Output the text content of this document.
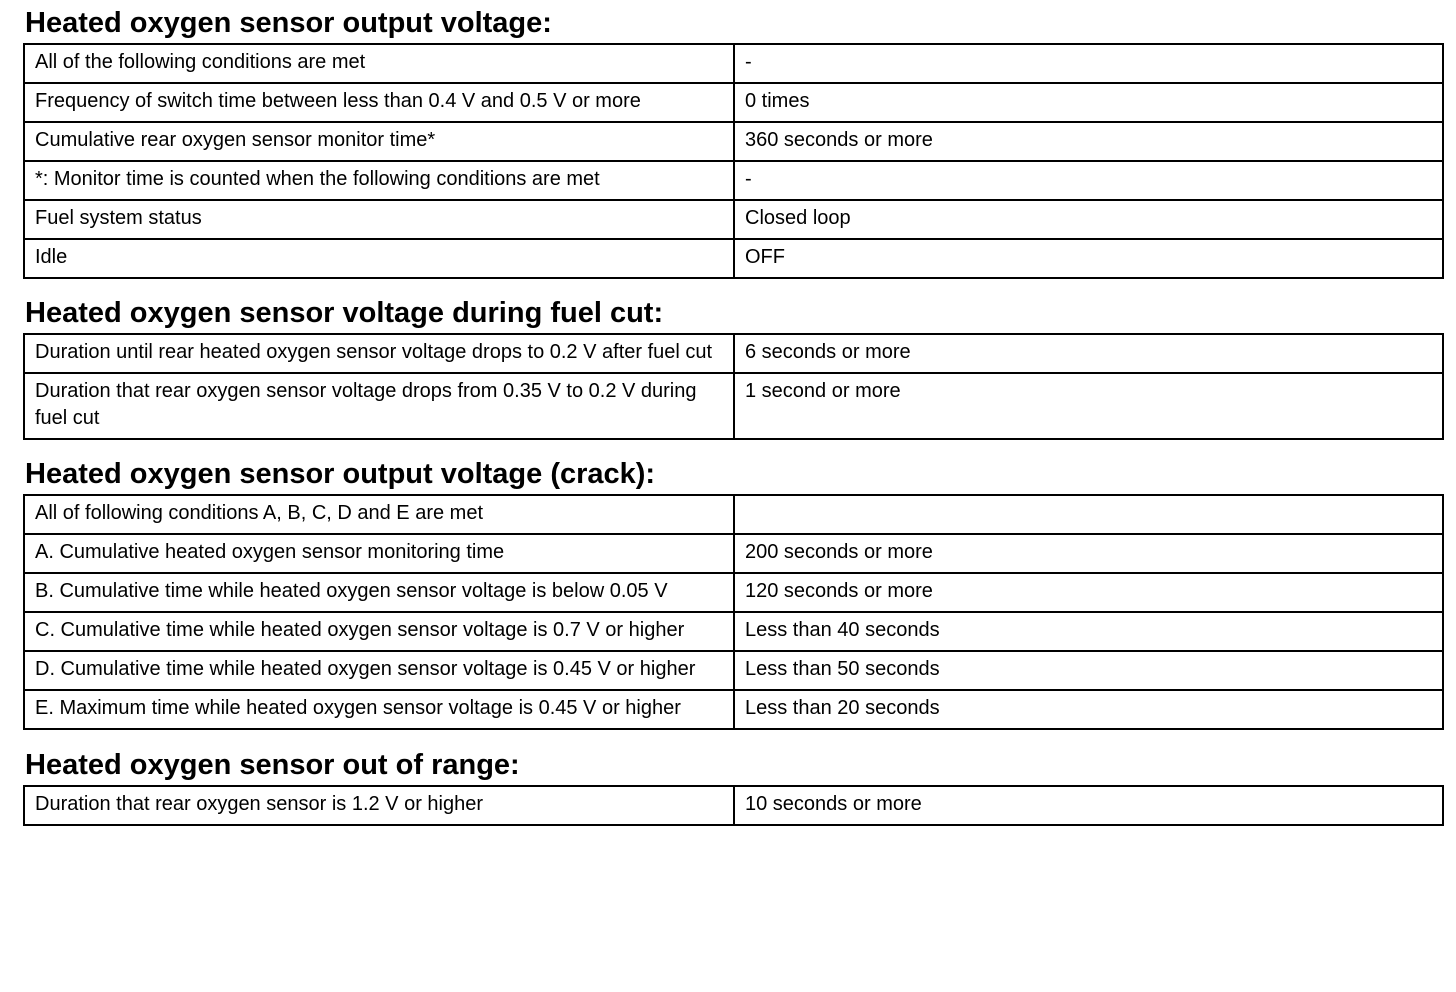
Heated oxygen sensor output voltage:
All of the following conditions are met	-
Frequency of switch time between less than 0.4 V and 0.5 V or more	0 times
Cumulative rear oxygen sensor monitor time*	360 seconds or more
*: Monitor time is counted when the following conditions are met	-
Fuel system status	Closed loop
Idle	OFF
Heated oxygen sensor voltage during fuel cut:
Duration until rear heated oxygen sensor voltage drops to 0.2 V after fuel cut	6 seconds or more
Duration that rear oxygen sensor voltage drops from 0.35 V to 0.2 V during fuel cut	1 second or more
Heated oxygen sensor output voltage (crack):
All of following conditions A, B, C, D and E are met	
A. Cumulative heated oxygen sensor monitoring time	200 seconds or more
B. Cumulative time while heated oxygen sensor voltage is below 0.05 V	120 seconds or more
C. Cumulative time while heated oxygen sensor voltage is 0.7 V or higher	Less than 40 seconds
D. Cumulative time while heated oxygen sensor voltage is 0.45 V or higher	Less than 50 seconds
E. Maximum time while heated oxygen sensor voltage is 0.45 V or higher	Less than 20 seconds
Heated oxygen sensor out of range:
Duration that rear oxygen sensor is 1.2 V or higher	10 seconds or more
